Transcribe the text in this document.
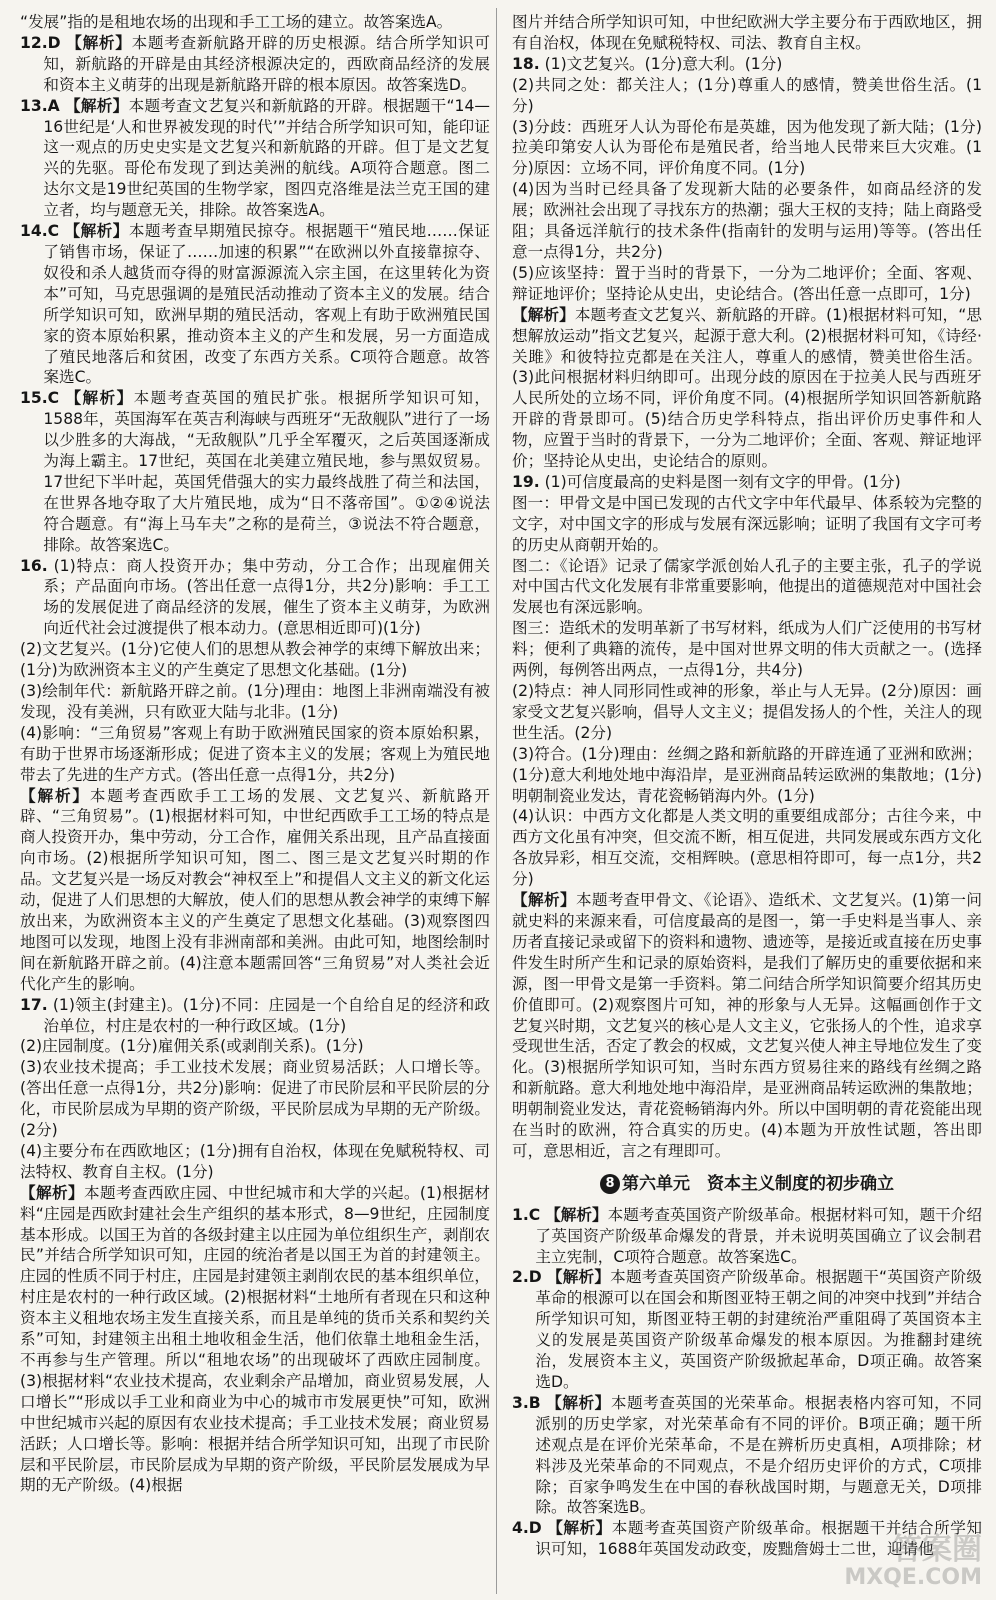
“发展”指的是租地农场的出现和手工工场的建立。故答案选A。

12.D 【解析】本题考查新航路开辟的历史根源。结合所学知识可知，新航路的开辟是由其经济根源决定的，西欧商品经济的发展和资本主义萌芽的出现是新航路开辟的根本原因。故答案选D。

13.A 【解析】本题考查文艺复兴和新航路的开辟。根据题干“14—16世纪是‘人和世界被发现的时代’”并结合所学知识可知，能印证这一观点的历史史实是文艺复兴和新航路的开辟。但丁是文艺复兴的先驱。哥伦布发现了到达美洲的航线。A项符合题意。图二达尔文是19世纪英国的生物学家，图四克洛维是法兰克王国的建立者，均与题意无关，排除。故答案选A。

14.C 【解析】本题考查早期殖民掠夺。根据题干“殖民地……保证了销售市场，保证了……加速的积累”“在欧洲以外直接靠掠夺、奴役和杀人越货而夺得的财富源源流入宗主国，在这里转化为资本”可知，马克思强调的是殖民活动推动了资本主义的发展。结合所学知识可知，欧洲早期的殖民活动，客观上有助于欧洲殖民国家的资本原始积累，推动资本主义的产生和发展，另一方面造成了殖民地落后和贫困，改变了东西方关系。C项符合题意。故答案选C。

15.C 【解析】本题考查英国的殖民扩张。根据所学知识可知，1588年，英国海军在英吉利海峡与西班牙“无敌舰队”进行了一场以少胜多的大海战，“无敌舰队”几乎全军覆灭，之后英国逐渐成为海上霸主。17世纪，英国在北美建立殖民地，参与黑奴贸易。17世纪下半叶起，英国凭借强大的实力最终战胜了荷兰和法国，在世界各地夺取了大片殖民地，成为“日不落帝国”。①②④说法符合题意。有“海上马车夫”之称的是荷兰，③说法不符合题意，排除。故答案选C。

16. (1)特点：商人投资开办；集中劳动，分工合作；出现雇佣关系；产品面向市场。(答出任意一点得1分，共2分)影响：手工工场的发展促进了商品经济的发展，催生了资本主义萌芽，为欧洲向近代社会过渡提供了根本动力。(意思相近即可)(1分)

(2)文艺复兴。(1分)它使人们的思想从教会神学的束缚下解放出来；(1分)为欧洲资本主义的产生奠定了思想文化基础。(1分)

(3)绘制年代：新航路开辟之前。(1分)理由：地图上非洲南端没有被发现，没有美洲，只有欧亚大陆与北非。(1分)

(4)影响：“三角贸易”客观上有助于欧洲殖民国家的资本原始积累，有助于世界市场逐渐形成；促进了资本主义的发展；客观上为殖民地带去了先进的生产方式。(答出任意一点得1分，共2分)

【解析】本题考查西欧手工工场的发展、文艺复兴、新航路开辟、“三角贸易”。(1)根据材料可知，中世纪西欧手工工场的特点是商人投资开办，集中劳动，分工合作，雇佣关系出现，且产品直接面向市场。(2)根据所学知识可知，图二、图三是文艺复兴时期的作品。文艺复兴是一场反对教会“神权至上”和提倡人文主义的新文化运动，促进了人们思想的大解放，使人们的思想从教会神学的束缚下解放出来，为欧洲资本主义的产生奠定了思想文化基础。(3)观察图四地图可以发现，地图上没有非洲南部和美洲。由此可知，地图绘制时间在新航路开辟之前。(4)注意本题需回答“三角贸易”对人类社会近代化产生的影响。

17. (1)领主(封建主)。(1分)不同：庄园是一个自给自足的经济和政治单位，村庄是农村的一种行政区域。(1分)

(2)庄园制度。(1分)雇佣关系(或剥削关系)。(1分)

(3)农业技术提高；手工业技术发展；商业贸易活跃；人口增长等。(答出任意一点得1分，共2分)影响：促进了市民阶层和平民阶层的分化，市民阶层成为早期的资产阶级，平民阶层成为早期的无产阶级。(2分)

(4)主要分布在西欧地区；(1分)拥有自治权，体现在免赋税特权、司法特权、教育自主权。(1分)

【解析】本题考查西欧庄园、中世纪城市和大学的兴起。(1)根据材料“庄园是西欧封建社会生产组织的基本形式，8—9世纪，庄园制度基本形成。以国王为首的各级封建主以庄园为单位组织生产，剥削农民”并结合所学知识可知，庄园的统治者是以国王为首的封建领主。庄园的性质不同于村庄，庄园是封建领主剥削农民的基本组织单位，村庄是农村的一种行政区域。(2)根据材料“土地所有者现在只和这种资本主义租地农场主发生直接关系，而且是单纯的货币关系和契约关系”可知，封建领主出租土地收租金生活，他们依靠土地租金生活，不再参与生产管理。所以“租地农场”的出现破坏了西欧庄园制度。(3)根据材料“农业技术提高，农业剩余产品增加，商业贸易发展，人口增长”“形成以手工业和商业为中心的城市市发展更快”可知，欧洲中世纪城市兴起的原因有农业技术提高；手工业技术发展；商业贸易活跃；人口增长等。影响：根据并结合所学知识可知，出现了市民阶层和平民阶层，市民阶层成为早期的资产阶级，平民阶层发展成为早期的无产阶级。(4)根据

图片并结合所学知识可知，中世纪欧洲大学主要分布于西欧地区，拥有自治权，体现在免赋税特权、司法、教育自主权。

18. (1)文艺复兴。(1分)意大利。(1分)

(2)共同之处：都关注人；(1分)尊重人的感情，赞美世俗生活。(1分)

(3)分歧：西班牙人认为哥伦布是英雄，因为他发现了新大陆；(1分)拉美印第安人认为哥伦布是殖民者，给当地人民带来巨大灾难。(1分)原因：立场不同，评价角度不同。(1分)

(4)因为当时已经具备了发现新大陆的必要条件，如商品经济的发展；欧洲社会出现了寻找东方的热潮；强大王权的支持；陆上商路受阻；具备远洋航行的技术条件(指南针的发明与运用)等等。(答出任意一点得1分，共2分)

(5)应该坚持：置于当时的背景下，一分为二地评价；全面、客观、辩证地评价；坚持论从史出，史论结合。(答出任意一点即可，1分)

【解析】本题考查文艺复兴、新航路的开辟。(1)根据材料可知，“思想解放运动”指文艺复兴，起源于意大利。(2)根据材料可知，《诗经·关雎》和彼特拉克都是在关注人，尊重人的感情，赞美世俗生活。(3)此问根据材料归纳即可。出现分歧的原因在于拉美人民与西班牙人民所处的立场不同，评价角度不同。(4)根据所学知识回答新航路开辟的背景即可。(5)结合历史学科特点，指出评价历史事件和人物，应置于当时的背景下，一分为二地评价；全面、客观、辩证地评价；坚持论从史出，史论结合的原则。

19. (1)可信度最高的史料是图一刻有文字的甲骨。(1分)

图一：甲骨文是中国已发现的古代文字中年代最早、体系较为完整的文字，对中国文字的形成与发展有深远影响；证明了我国有文字可考的历史从商朝开始的。

图二：《论语》记录了儒家学派创始人孔子的主要主张，孔子的学说对中国古代文化发展有非常重要影响，他提出的道德规范对中国社会发展也有深远影响。

图三：造纸术的发明革新了书写材料，纸成为人们广泛使用的书写材料；便利了典籍的流传，是中国对世界文明的伟大贡献之一。(选择两例，每例答出两点，一点得1分，共4分)

(2)特点：神人同形同性或神的形象，举止与人无异。(2分)原因：画家受文艺复兴影响，倡导人文主义；提倡发扬人的个性，关注人的现世生活。(2分)

(3)符合。(1分)理由：丝绸之路和新航路的开辟连通了亚洲和欧洲；(1分)意大利地处地中海沿岸，是亚洲商品转运欧洲的集散地；(1分)明朝制瓷业发达，青花瓷畅销海内外。(1分)

(4)认识：中西方文化都是人类文明的重要组成部分；古往今来，中西方文化虽有冲突，但交流不断，相互促进，共同发展或东西方文化各放异彩，相互交流，交相辉映。(意思相符即可，每一点1分，共2分)

【解析】本题考查甲骨文、《论语》、造纸术、文艺复兴。(1)第一问就史料的来源来看，可信度最高的是图一，第一手史料是当事人、亲历者直接记录或留下的资料和遗物、遗迹等，是接近或直接在历史事件发生时所产生和记录的原始资料，是我们了解历史的重要依据和来源，图一甲骨文是第一手资料。第二问结合所学知识简要介绍其历史价值即可。(2)观察图片可知，神的形象与人无异。这幅画创作于文艺复兴时期，文艺复兴的核心是人文主义，它张扬人的个性，追求享受现世生活，否定了教会的权威，文艺复兴使人神主导地位发生了变化。(3)根据所学知识可知，当时东西方贸易往来的路线有丝绸之路和新航路。意大利地处地中海沿岸，是亚洲商品转运欧洲的集散地；明朝制瓷业发达，青花瓷畅销海内外。所以中国明朝的青花瓷能出现在当时的欧洲，符合真实的历史。(4)本题为开放性试题，答出即可，意思相近，言之有理即可。

8 第六单元　资本主义制度的初步确立

1.C 【解析】本题考查英国资产阶级革命。根据材料可知，题干介绍了英国资产阶级革命爆发的背景，并未说明英国确立了议会制君主立宪制，C项符合题意。故答案选C。

2.D 【解析】本题考查英国资产阶级革命。根据题干“英国资产阶级革命的根源可以在国会和斯图亚特王朝之间的冲突中找到”并结合所学知识可知，斯图亚特王朝的封建统治严重阻碍了英国资本主义的发展是英国资产阶级革命爆发的根本原因。为推翻封建统治，发展资本主义，英国资产阶级掀起革命，D项正确。故答案选D。

3.B 【解析】本题考查英国的光荣革命。根据表格内容可知，不同派别的历史学家，对光荣革命有不同的评价。B项正确；题干所述观点是在评价光荣革命，不是在辨析历史真相，A项排除；材料涉及光荣革命的不同观点，不是介绍历史评价的方式，C项排除；百家争鸣发生在中国的春秋战国时期，与题意无关，D项排除。故答案选B。

4.D 【解析】本题考查英国资产阶级革命。根据题干并结合所学知识可知，1688年英国发动政变，废黜詹姆士二世，迎请他

答案圈
MXQE.COM
